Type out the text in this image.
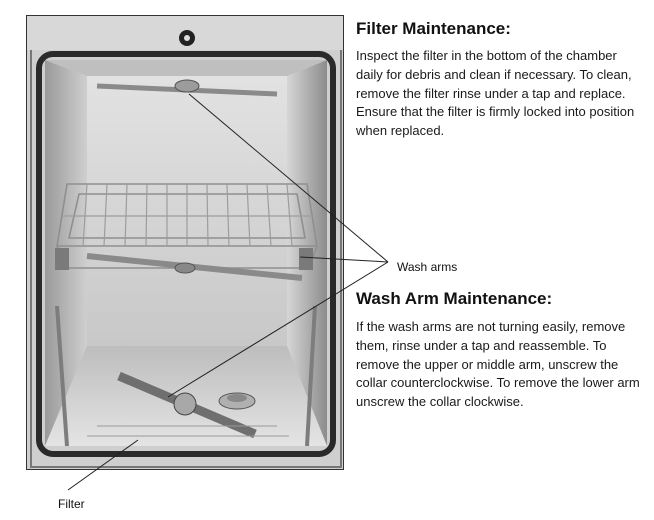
Filter Maintenance:
Inspect the filter in the bottom of the chamber daily for debris and clean if necessary. To clean, remove the filter rinse under a tap and replace. Ensure that the filter is firmly locked into position when replaced.
Wash arms
Wash Arm Maintenance:
If the wash arms are not turning easily, remove them, rinse under a tap and reassemble. To remove the upper or middle arm, unscrew the collar counterclockwise. To remove the lower arm unscrew the collar clockwise.
Filter
